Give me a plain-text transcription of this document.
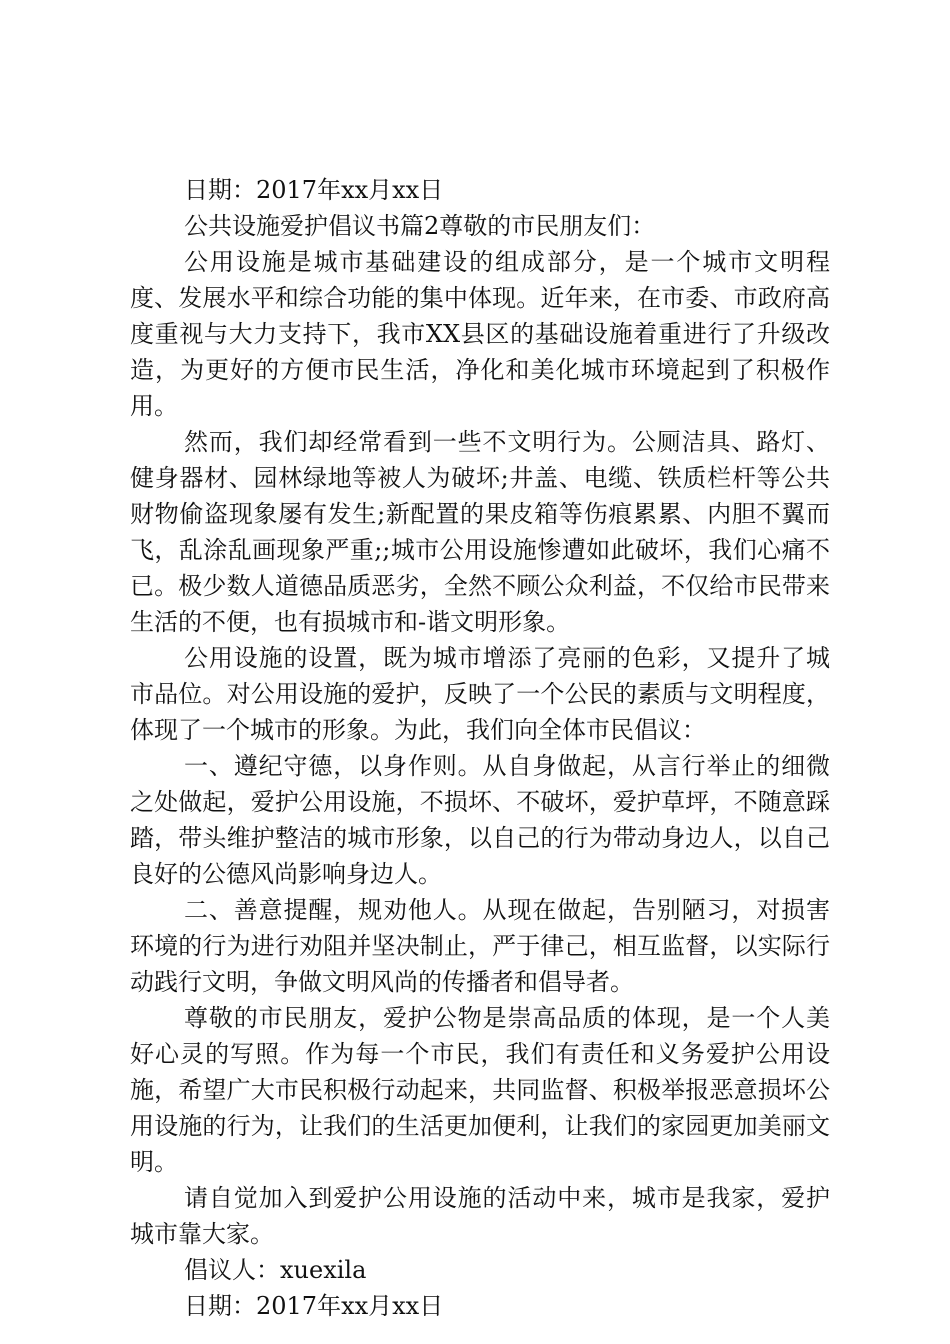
日期：2017年xx月xx日

公共设施爱护倡议书篇2尊敬的市民朋友们：

公用设施是城市基础建设的组成部分，是一个城市文明程度、发展水平和综合功能的集中体现。近年来，在市委、市政府高度重视与大力支持下，我市XX县区的基础设施着重进行了升级改造，为更好的方便市民生活，净化和美化城市环境起到了积极作用。

然而，我们却经常看到一些不文明行为。公厕洁具、路灯、健身器材、园林绿地等被人为破坏;井盖、电缆、铁质栏杆等公共财物偷盗现象屡有发生;新配置的果皮箱等伤痕累累、内胆不翼而飞，乱涂乱画现象严重;;城市公用设施惨遭如此破坏，我们心痛不已。极少数人道德品质恶劣，全然不顾公众利益，不仅给市民带来生活的不便，也有损城市和-谐文明形象。

公用设施的设置，既为城市增添了亮丽的色彩，又提升了城市品位。对公用设施的爱护，反映了一个公民的素质与文明程度，体现了一个城市的形象。为此，我们向全体市民倡议：

一、遵纪守德，以身作则。从自身做起，从言行举止的细微之处做起，爱护公用设施，不损坏、不破坏，爱护草坪，不随意踩踏，带头维护整洁的城市形象，以自己的行为带动身边人，以自己良好的公德风尚影响身边人。

二、善意提醒，规劝他人。从现在做起，告别陋习，对损害环境的行为进行劝阻并坚决制止，严于律己，相互监督，以实际行动践行文明，争做文明风尚的传播者和倡导者。

尊敬的市民朋友，爱护公物是崇高品质的体现，是一个人美好心灵的写照。作为每一个市民，我们有责任和义务爱护公用设施，希望广大市民积极行动起来，共同监督、积极举报恶意损坏公用设施的行为，让我们的生活更加便利，让我们的家园更加美丽文明。

请自觉加入到爱护公用设施的活动中来，城市是我家，爱护城市靠大家。

倡议人：xuexila

日期：2017年xx月xx日
